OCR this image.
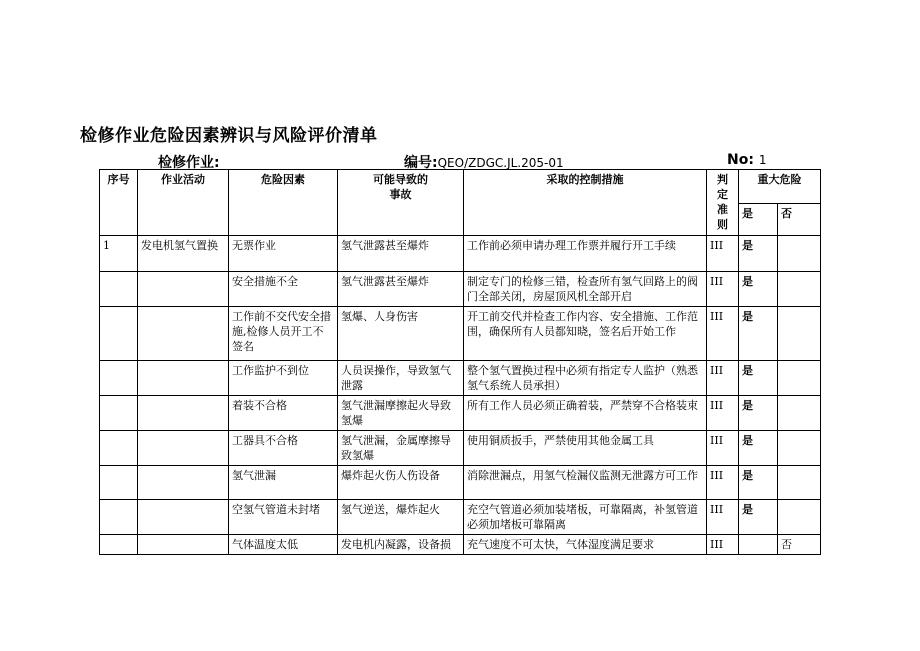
检修作业危险因素辨识与风险评价清单
检修作业:	编号:QEO/ZDGC.JL.205-01	No: 1
序号	作业活动	危险因素	可能导致的
事故	采取的控制措施	判
定
准
则	重大危险	
						是	否
1	发电机氢气置换	无票作业	氢气泄露甚至爆炸	工作前必须申请办理工作票并履行开工手续	III	是	
		安全措施不全	氢气泄露甚至爆炸	制定专门的检修三错，检查所有氢气回路上的阀门全部关闭，房屋顶风机全部开启	III	是	
		工作前不交代安全措施,检修人员开工不签名	氢爆、人身伤害	开工前交代并检查工作内容、安全措施、工作范围，确保所有人员都知晓，签名后开始工作	III	是	
		工作监护不到位	人员误操作，导致氢气泄露	整个氢气置换过程中必须有指定专人监护（熟悉氢气系统人员承担）	III	是	
		着装不合格	氢气泄漏摩擦起火导致氢爆	所有工作人员必须正确着装，严禁穿不合格装束	III	是	
		工器具不合格	氢气泄漏，金属摩擦导致氢爆	使用铜质扳手，严禁使用其他金属工具	III	是	
		氢气泄漏	爆炸起火伤人伤设备	消除泄漏点，用氢气检漏仪监测无泄露方可工作	III	是	
		空氢气管道未封堵	氢气逆送，爆炸起火	充空气管道必须加装堵板，可靠隔离，补氢管道必须加堵板可靠隔离	III	是	
		气体温度太低	发电机内凝露，设备损	充气速度不可太快，气体湿度满足要求	III		否
